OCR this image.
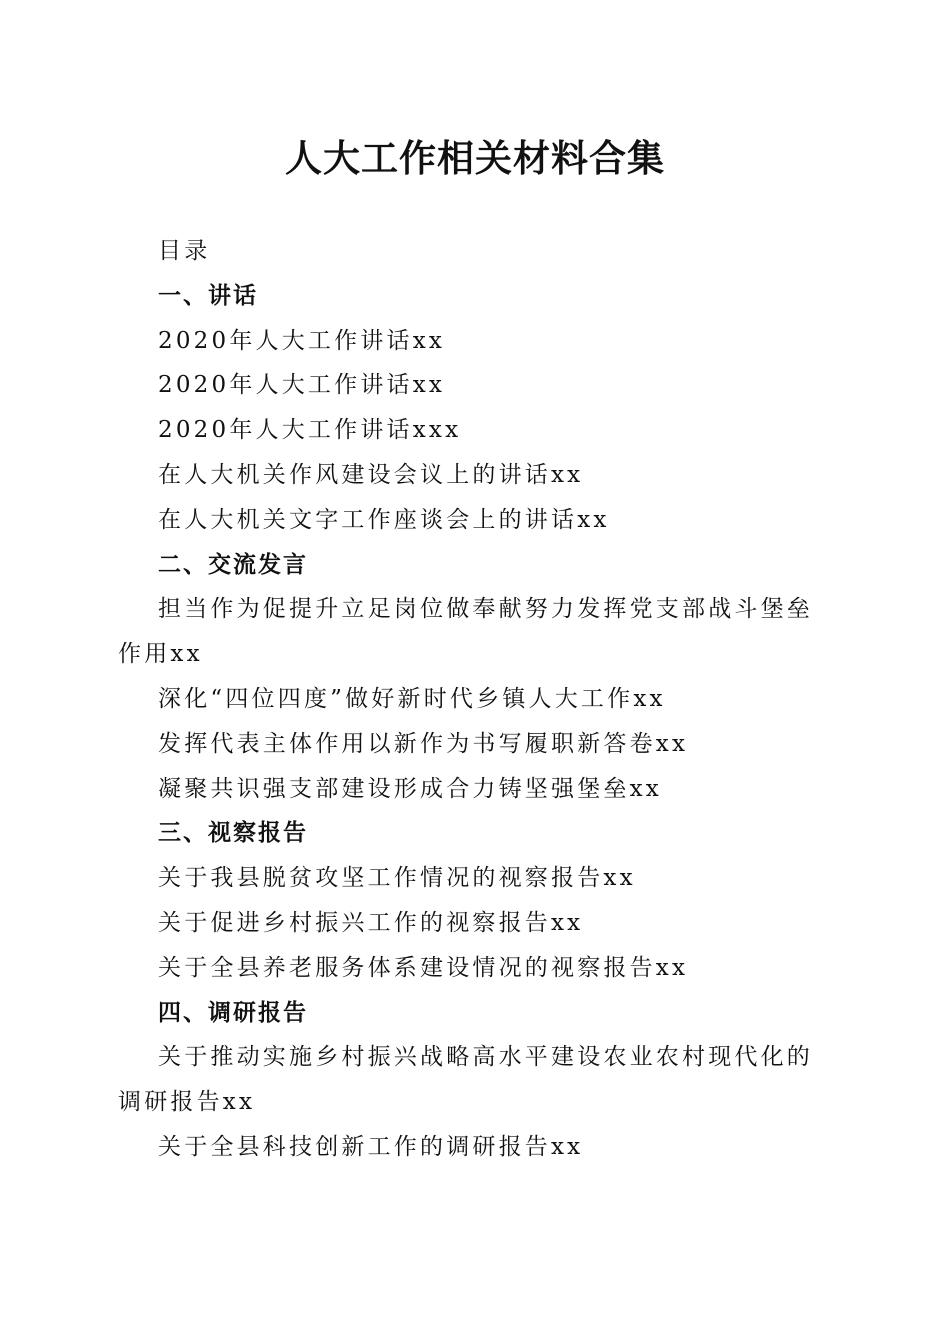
人大工作相关材料合集
目录
一、讲话
2020年人大工作讲话xx
2020年人大工作讲话xx
2020年人大工作讲话xxx
在人大机关作风建设会议上的讲话xx
在人大机关文字工作座谈会上的讲话xx
二、交流发言
担当作为促提升立足岗位做奉献努力发挥党支部战斗堡垒作用xx
深化“四位四度”做好新时代乡镇人大工作xx
发挥代表主体作用以新作为书写履职新答卷xx
凝聚共识强支部建设形成合力铸坚强堡垒xx
三、视察报告
关于我县脱贫攻坚工作情况的视察报告xx
关于促进乡村振兴工作的视察报告xx
关于全县养老服务体系建设情况的视察报告xx
四、调研报告
关于推动实施乡村振兴战略高水平建设农业农村现代化的调研报告xx
关于全县科技创新工作的调研报告xx
